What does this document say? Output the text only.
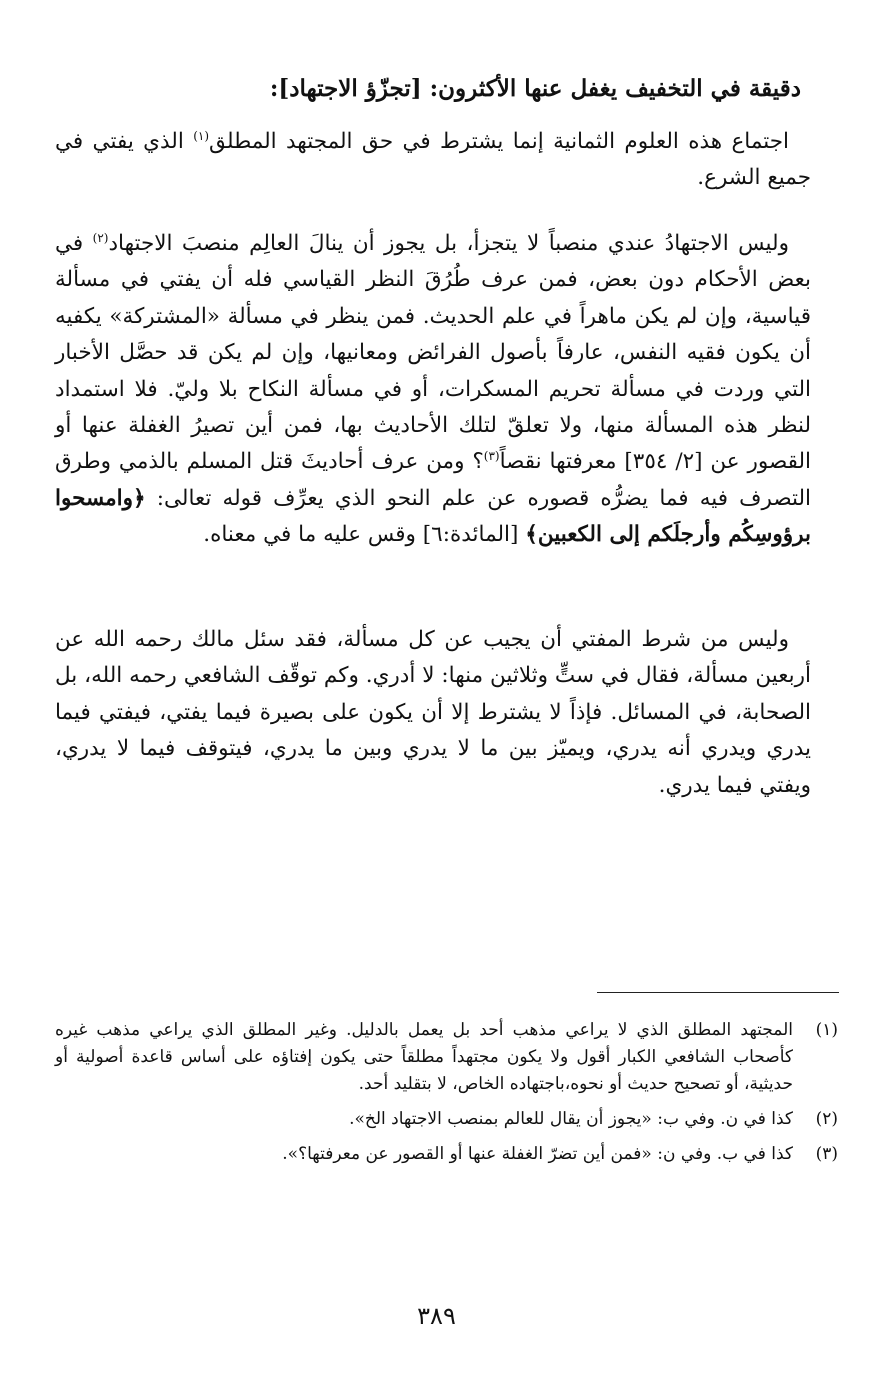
دقيقة في التخفيف يغفل عنها الأكثرون: [تجزّؤ الاجتهاد]:

اجتماع هذه العلوم الثمانية إنما يشترط في حق المجتهد المطلق$^{(١)}$ الذي يفتي في جميع الشرع.

وليس الاجتهادُ عندي منصباً لا يتجزأ، بل يجوز أن ينالَ العالِم منصبَ الاجتهاد$^{(٢)}$ في بعض الأحكام دون بعض، فمن عرف طُرُقَ النظر القياسي فله أن يفتي في مسألة قياسية، وإن لم يكن ماهراً في علم الحديث. فمن ينظر في مسألة «المشتركة» يكفيه أن يكون فقيه النفس، عارفاً بأصول الفرائض ومعانيها، وإن لم يكن قد حصَّل الأخبار التي وردت في مسألة تحريم المسكرات، أو في مسألة النكاح بلا وليّ. فلا استمداد لنظر هذه المسألة منها، ولا تعلقّ لتلك الأحاديث بها، فمن أين تصيرُ الغفلة عنها أو القصور عن [٢/ ٣٥٤] معرفتها نقصاً$^{(٣)}$؟ ومن عرف أحاديثَ قتل المسلم بالذمي وطرق التصرف فيه فما يضرُّه قصوره عن علم النحو الذي يعرِّف قوله تعالى: ﴿وامسحوا برؤوسِكُم وأرجلَكم إلى الكعبين﴾ [المائدة:٦] وقس عليه ما في معناه.

وليس من شرط المفتي أن يجيب عن كل مسألة، فقد سئل مالك رحمه الله عن أربعين مسألة، فقال في ستٍّ وثلاثين منها: لا أدري. وكم توقّف الشافعي رحمه الله، بل الصحابة، في المسائل. فإذاً لا يشترط إلا أن يكون على بصيرة فيما يفتي، فيفتي فيما يدري ويدري أنه يدري، ويميّز بين ما لا يدري وبين ما يدري، فيتوقف فيما لا يدري، ويفتي فيما يدري.

(١)
المجتهد المطلق الذي لا يراعي مذهب أحد بل يعمل بالدليل. وغير المطلق الذي يراعي مذهب غيره كأصحاب الشافعي الكبار أقول ولا يكون مجتهداً مطلقاً حتى يكون إفتاؤه على أساس قاعدة أصولية أو حديثية، أو تصحيح حديث أو نحوه،باجتهاده الخاص، لا بتقليد أحد.
(٢)
كذا في ن. وفي ب: «يجوز أن يقال للعالم بمنصب الاجتهاد الخ».
(٣)
كذا في ب. وفي ن: «فمن أين تضرّ الغفلة عنها أو القصور عن معرفتها؟».
٣٨٩
